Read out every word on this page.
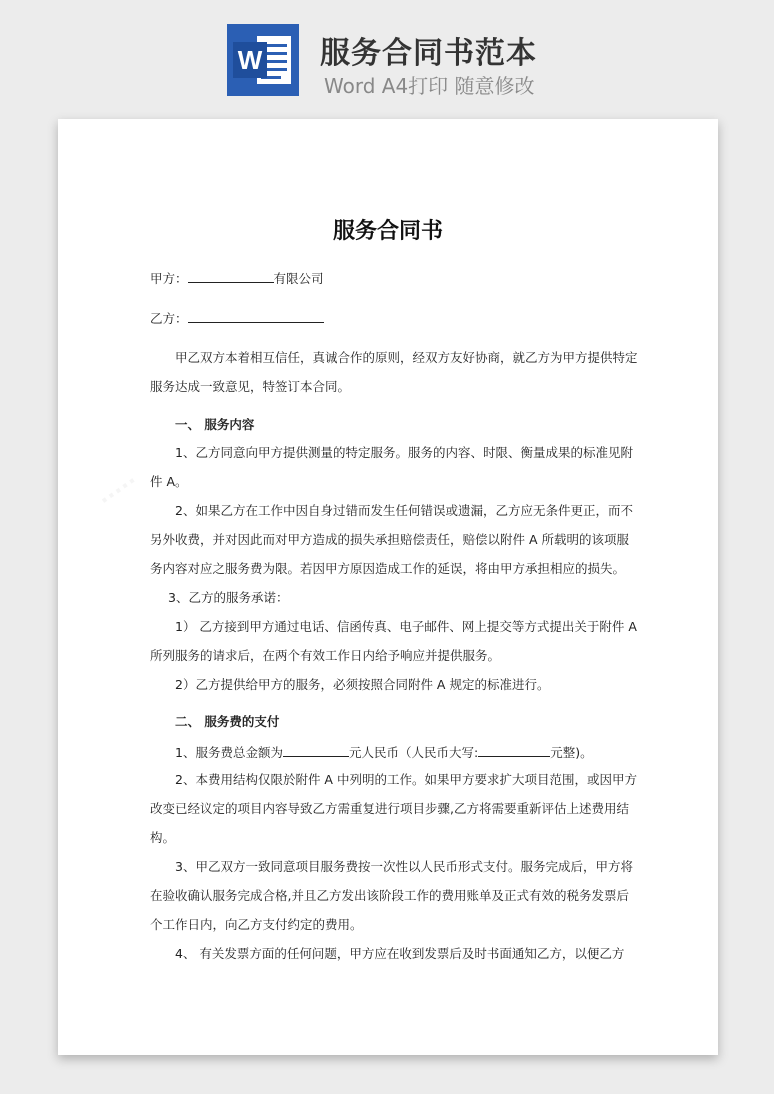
W 服务合同书范本
Word A4打印 随意修改
服务合同书
甲方：	有限公司
乙方：
甲乙双方本着相互信任，真诚合作的原则，经双方友好协商，就乙方为甲方提供特定
服务达成一致意见，特签订本合同。
一、 服务内容
1、乙方同意向甲方提供测量的特定服务。服务的内容、时限、衡量成果的标准见附
件 A。
2、如果乙方在工作中因自身过错而发生任何错误或遗漏，乙方应无条件更正，而不
另外收费，并对因此而对甲方造成的损失承担赔偿责任，赔偿以附件 A 所载明的该项服
务内容对应之服务费为限。若因甲方原因造成工作的延误，将由甲方承担相应的损失。
3、乙方的服务承诺：
1） 乙方接到甲方通过电话、信函传真、电子邮件、网上提交等方式提出关于附件 A
所列服务的请求后，在两个有效工作日内给予响应并提供服务。
2）乙方提供给甲方的服务，必须按照合同附件 A 规定的标准进行。
二、 服务费的支付
1、服务费总金额为	元人民币（人民币大写:	元整)。
2、本费用结构仅限於附件 A 中列明的工作。如果甲方要求扩大项目范围，或因甲方
改变已经议定的项目内容导致乙方需重复进行项目步骤,乙方将需要重新评估上述费用结
构。
3、甲乙双方一致同意项目服务费按一次性以人民币形式支付。服务完成后，甲方将
在验收确认服务完成合格,并且乙方发出该阶段工作的费用账单及正式有效的税务发票后
个工作日内，向乙方支付约定的费用。
4、 有关发票方面的任何问题，甲方应在收到发票后及时书面通知乙方，以便乙方
